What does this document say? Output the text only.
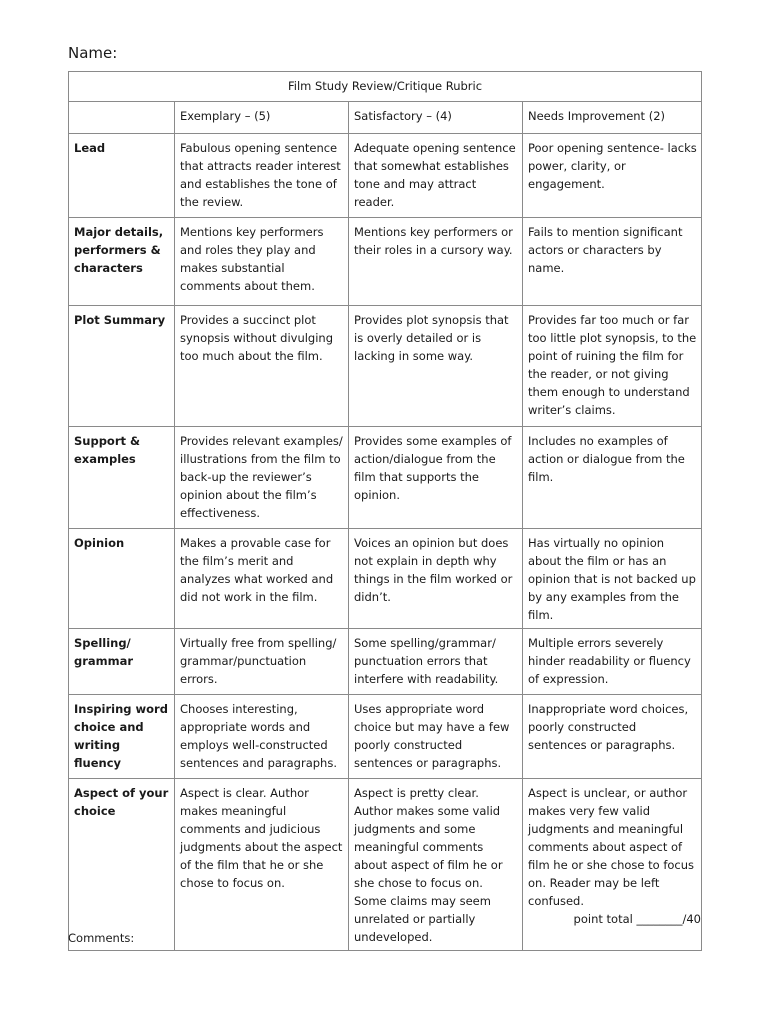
Name:
Film Study Review/Critique Rubric			
	Exemplary – (5)	Satisfactory – (4)	Needs Improvement (2)
Lead	Fabulous opening sentence that attracts reader interest and establishes the tone of the review.	Adequate opening sentence that somewhat establishes tone and may attract reader.	Poor opening sentence- lacks power, clarity, or engagement.
Major details, performers & characters	Mentions key performers and roles they play and makes substantial comments about them.	Mentions key performers or their roles in a cursory way.	Fails to mention significant actors or characters by name.
Plot Summary	Provides a succinct plot synopsis without divulging too much about the film.	Provides plot synopsis that is overly detailed or is lacking in some way.	Provides far too much or far too little plot synopsis, to the point of ruining the film for the reader, or not giving them enough to understand writer’s claims.
Support & examples	Provides relevant examples/ illustrations from the film to back-up the reviewer’s opinion about the film’s effectiveness.	Provides some examples of action/dialogue from the film that supports the opinion.	Includes no examples of action or dialogue from the film.
Opinion	Makes a provable case for the film’s merit and analyzes what worked and did not work in the film.	Voices an opinion but does not explain in depth why things in the film worked or didn’t.	Has virtually no opinion about the film or has an opinion that is not backed up by any examples from the film.
Spelling/ grammar	Virtually free from spelling/ grammar/punctuation errors.	Some spelling/grammar/ punctuation errors that interfere with readability.	Multiple errors severely hinder readability or fluency of expression.
Inspiring word choice and writing fluency	Chooses interesting, appropriate words and employs well-constructed sentences and paragraphs.	Uses appropriate word choice but may have a few poorly constructed sentences or paragraphs.	Inappropriate word choices, poorly constructed sentences or paragraphs.
Aspect of your choice	Aspect is clear. Author makes meaningful comments and judicious judgments about the aspect of the film that he or she chose to focus on.	Aspect is pretty clear. Author makes some valid judgments and some meaningful comments about aspect of film he or she chose to focus on. Some claims may seem unrelated or partially undeveloped.	Aspect is unclear, or author makes very few valid judgments and meaningful comments about aspect of film he or she chose to focus on. Reader may be left confused.
point total ________/40
Comments:
